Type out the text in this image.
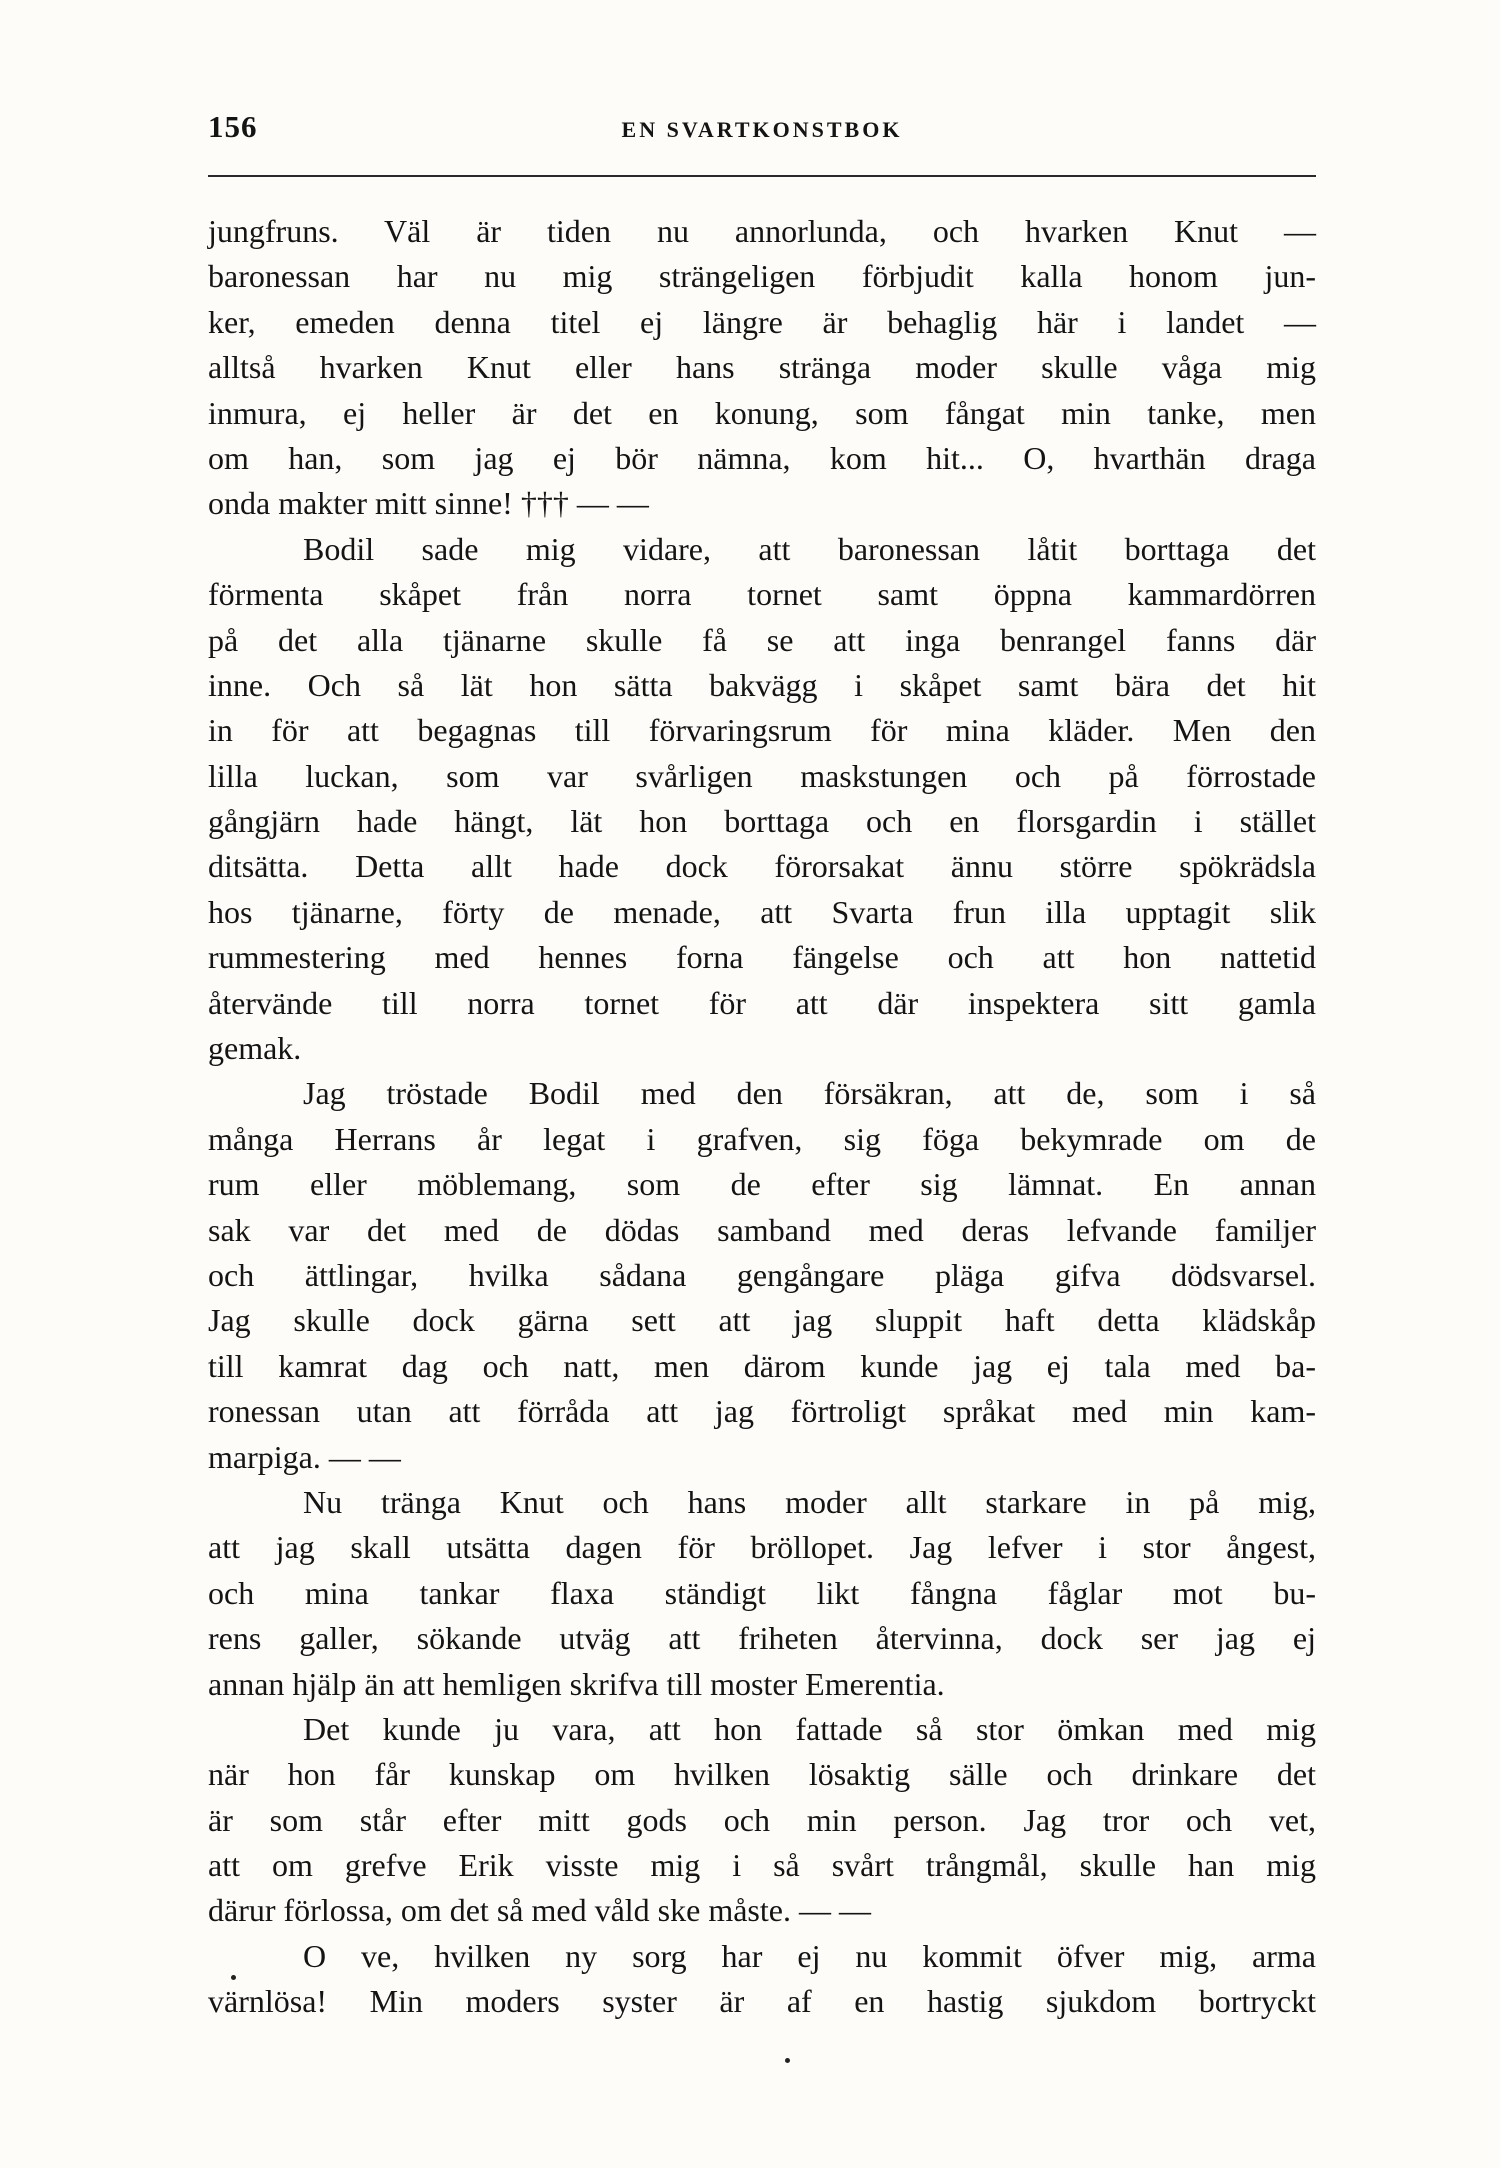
156	EN SVARTKONSTBOK
jungfruns. Väl är tiden nu annorlunda, och hvarken Knut —
baronessan har nu mig strängeligen förbjudit kalla honom jun-
ker, emeden denna titel ej längre är behaglig här i landet —
alltså hvarken Knut eller hans stränga moder skulle våga mig
inmura, ej heller är det en konung, som fångat min tanke, men
om han, som jag ej bör nämna, kom hit... O, hvarthän draga
onda makter mitt sinne! ††† — —
Bodil sade mig vidare, att baronessan låtit borttaga det
förmenta skåpet från norra tornet samt öppna kammardörren
på det alla tjänarne skulle få se att inga benrangel fanns där
inne. Och så lät hon sätta bakvägg i skåpet samt bära det hit
in för att begagnas till förvaringsrum för mina kläder. Men den
lilla luckan, som var svårligen maskstungen och på förrostade
gångjärn hade hängt, lät hon borttaga och en florsgardin i stället
ditsätta. Detta allt hade dock förorsakat ännu större spökrädsla
hos tjänarne, förty de menade, att Svarta frun illa upptagit slik
rummestering med hennes forna fängelse och att hon nattetid
återvände till norra tornet för att där inspektera sitt gamla
gemak.
Jag tröstade Bodil med den försäkran, att de, som i så
många Herrans år legat i grafven, sig föga bekymrade om de
rum eller möblemang, som de efter sig lämnat. En annan
sak var det med de dödas samband med deras lefvande familjer
och ättlingar, hvilka sådana gengångare pläga gifva dödsvarsel.
Jag skulle dock gärna sett att jag sluppit haft detta klädskåp
till kamrat dag och natt, men därom kunde jag ej tala med ba-
ronessan utan att förråda att jag förtroligt språkat med min kam-
marpiga. — —
Nu tränga Knut och hans moder allt starkare in på mig,
att jag skall utsätta dagen för bröllopet. Jag lefver i stor ångest,
och mina tankar flaxa ständigt likt fångna fåglar mot bu-
rens galler, sökande utväg att friheten återvinna, dock ser jag ej
annan hjälp än att hemligen skrifva till moster Emerentia.
Det kunde ju vara, att hon fattade så stor ömkan med mig
när hon får kunskap om hvilken lösaktig sälle och drinkare det
är som står efter mitt gods och min person. Jag tror och vet,
att om grefve Erik visste mig i så svårt trångmål, skulle han mig
därur förlossa, om det så med våld ske måste. — —
O ve, hvilken ny sorg har ej nu kommit öfver mig, arma
värnlösa! Min moders syster är af en hastig sjukdom bortryckt
